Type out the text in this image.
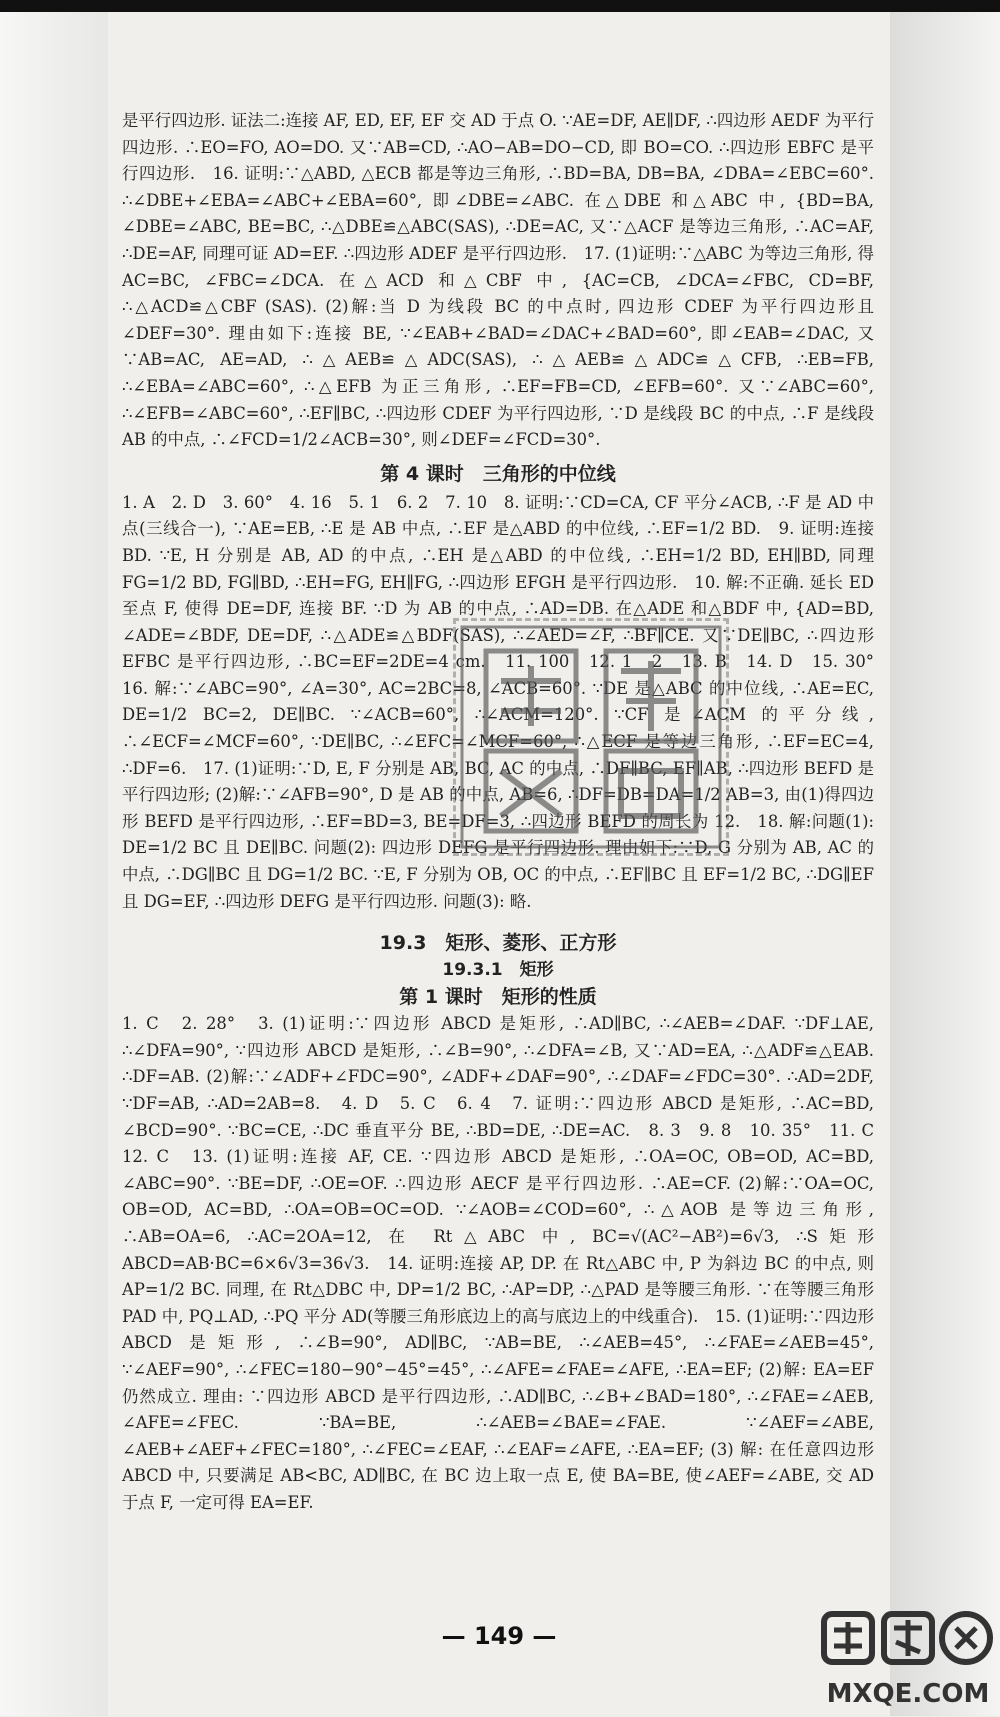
是平行四边形. 证法二:连接 AF, ED, EF, EF 交 AD 于点 O. ∵AE=DF, AE∥DF, ∴四边形 AEDF 为平行四边形. ∴EO=FO, AO=DO. 又∵AB=CD, ∴AO−AB=DO−CD, 即 BO=CO. ∴四边形 EBFC 是平行四边形.　16. 证明:∵△ABD, △ECB 都是等边三角形, ∴BD=BA, DB=BA, ∠DBA=∠EBC=60°. ∴∠DBE+∠EBA=∠ABC+∠EBA=60°, 即∠DBE=∠ABC. 在△DBE 和△ABC 中, {BD=BA, ∠DBE=∠ABC, BE=BC, ∴△DBE≌△ABC(SAS), ∴DE=AC, 又∵△ACF 是等边三角形, ∴AC=AF, ∴DE=AF, 同理可证 AD=EF. ∴四边形 ADEF 是平行四边形.　17. (1)证明:∵△ABC 为等边三角形, 得 AC=BC, ∠FBC=∠DCA. 在△ACD 和△CBF 中, {AC=CB, ∠DCA=∠FBC, CD=BF, ∴△ACD≌△CBF (SAS). (2)解:当 D 为线段 BC 的中点时, 四边形 CDEF 为平行四边形且∠DEF=30°. 理由如下:连接 BE, ∵∠EAB+∠BAD=∠DAC+∠BAD=60°, 即∠EAB=∠DAC, 又∵AB=AC, AE=AD, ∴△AEB≌△ADC(SAS), ∴△AEB≌△ADC≌△CFB, ∴EB=FB, ∴∠EBA=∠ABC=60°, ∴△EFB 为正三角形, ∴EF=FB=CD, ∠EFB=60°. 又∵∠ABC=60°, ∴∠EFB=∠ABC=60°, ∴EF∥BC, ∴四边形 CDEF 为平行四边形, ∵D 是线段 BC 的中点, ∴F 是线段 AB 的中点, ∴∠FCD=1/2∠ACB=30°, 则∠DEF=∠FCD=30°.

第 4 课时　三角形的中位线

1. A　2. D　3. 60°　4. 16　5. 1　6. 2　7. 10　8. 证明:∵CD=CA, CF 平分∠ACB, ∴F 是 AD 中点(三线合一), ∵AE=EB, ∴E 是 AB 中点, ∴EF 是△ABD 的中位线, ∴EF=1/2 BD.　9. 证明:连接 BD. ∵E, H 分别是 AB, AD 的中点, ∴EH 是△ABD 的中位线, ∴EH=1/2 BD, EH∥BD, 同理 FG=1/2 BD, FG∥BD, ∴EH=FG, EH∥FG, ∴四边形 EFGH 是平行四边形.　10. 解:不正确. 延长 ED 至点 F, 使得 DE=DF, 连接 BF. ∵D 为 AB 的中点, ∴AD=DB. 在△ADE 和△BDF 中, {AD=BD, ∠ADE=∠BDF, DE=DF, ∴△ADE≌△BDF(SAS), ∴∠AED=∠F, ∴BF∥CE. 又∵DE∥BC, ∴四边形 EFBC 是平行四边形, ∴BC=EF=2DE=4 cm.　11. 100　12. 1　2　13. B　14. D　15. 30°　16. 解:∵∠ABC=90°, ∠A=30°, AC=2BC=8, ∠ACB=60°. ∵DE 是△ABC 的中位线, ∴AE=EC, DE=1/2 BC=2, DE∥BC. ∵∠ACB=60°, ∴∠ACM=120°. ∵CF 是∠ACM 的平分线, ∴∠ECF=∠MCF=60°, ∵DE∥BC, ∴∠EFC=∠MCF=60°, ∴△ECF 是等边三角形, ∴EF=EC=4, ∴DF=6.　17. (1)证明:∵D, E, F 分别是 AB, BC, AC 的中点, ∴DF∥BC, EF∥AB, ∴四边形 BEFD 是平行四边形; (2)解:∵∠AFB=90°, D 是 AB 的中点, AB=6, ∴DF=DB=DA=1/2 AB=3, 由(1)得四边形 BEFD 是平行四边形, ∴EF=BD=3, BE=DF=3, ∴四边形 BEFD 的周长为 12.　18. 解:问题(1): DE=1/2 BC 且 DE∥BC. 问题(2): 四边形 DEFG 是平行四边形. 理由如下:∵D, G 分别为 AB, AC 的中点, ∴DG∥BC 且 DG=1/2 BC. ∵E, F 分别为 OB, OC 的中点, ∴EF∥BC 且 EF=1/2 BC, ∴DG∥EF 且 DG=EF, ∴四边形 DEFG 是平行四边形. 问题(3): 略.

19.3　矩形、菱形、正方形
19.3.1　矩形
第 1 课时　矩形的性质

1. C　2. 28°　3. (1)证明:∵四边形 ABCD 是矩形, ∴AD∥BC, ∴∠AEB=∠DAF. ∵DF⊥AE, ∴∠DFA=90°, ∵四边形 ABCD 是矩形, ∴∠B=90°, ∴∠DFA=∠B, 又∵AD=EA, ∴△ADF≌△EAB. ∴DF=AB. (2)解:∵∠ADF+∠FDC=90°, ∠ADF+∠DAF=90°, ∴∠DAF=∠FDC=30°. ∴AD=2DF, ∵DF=AB, ∴AD=2AB=8.　4. D　5. C　6. 4　7. 证明:∵四边形 ABCD 是矩形, ∴AC=BD, ∠BCD=90°. ∵BC=CE, ∴DC 垂直平分 BE, ∴BD=DE, ∴DE=AC.　8. 3　9. 8　10. 35°　11. C　12. C　13. (1)证明:连接 AF, CE. ∵四边形 ABCD 是矩形, ∴OA=OC, OB=OD, AC=BD, ∠ABC=90°. ∵BE=DF, ∴OE=OF. ∴四边形 AECF 是平行四边形. ∴AE=CF. (2)解:∵OA=OC, OB=OD, AC=BD, ∴OA=OB=OC=OD. ∵∠AOB=∠COD=60°, ∴△AOB 是等边三角形, ∴AB=OA=6, ∴AC=2OA=12, 在 Rt△ABC 中, BC=√(AC²−AB²)=6√3, ∴S矩形ABCD=AB·BC=6×6√3=36√3.　14. 证明:连接 AP, DP. 在 Rt△ABC 中, P 为斜边 BC 的中点, 则 AP=1/2 BC. 同理, 在 Rt△DBC 中, DP=1/2 BC, ∴AP=DP, ∴△PAD 是等腰三角形. ∵在等腰三角形 PAD 中, PQ⊥AD, ∴PQ 平分 AD(等腰三角形底边上的高与底边上的中线重合).　15. (1)证明:∵四边形 ABCD 是矩形, ∴∠B=90°, AD∥BC, ∵AB=BE, ∴∠AEB=45°, ∴∠FAE=∠AEB=45°, ∵∠AEF=90°, ∴∠FEC=180−90°−45°=45°, ∴∠AFE=∠FAE=∠AFE, ∴EA=EF; (2)解: EA=EF 仍然成立. 理由: ∵四边形 ABCD 是平行四边形, ∴AD∥BC, ∴∠B+∠BAD=180°, ∴∠FAE=∠AEB, ∠AFE=∠FEC. ∵BA=BE, ∴∠AEB=∠BAE=∠FAE. ∵∠AEF=∠ABE, ∠AEB+∠AEF+∠FEC=180°, ∴∠FEC=∠EAF, ∴∠EAF=∠AFE, ∴EA=EF; (3) 解: 在任意四边形 ABCD 中, 只要满足 AB<BC, AD∥BC, 在 BC 边上取一点 E, 使 BA=BE, 使∠AEF=∠ABE, 交 AD 于点 F, 一定可得 EA=EF.

— 149 —
MXQE.COM
